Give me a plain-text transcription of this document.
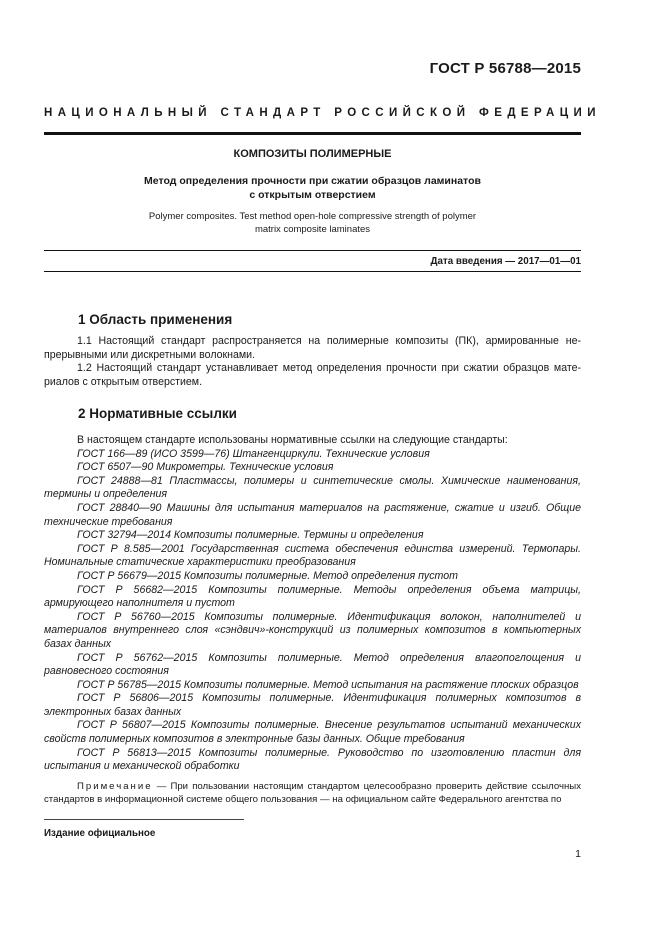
ГОСТ Р 56788—2015
НАЦИОНАЛЬНЫЙ СТАНДАРТ РОССИЙСКОЙ ФЕДЕРАЦИИ
КОМПОЗИТЫ ПОЛИМЕРНЫЕ
Метод определения прочности при сжатии образцов ламинатов
с открытым отверстием
Polymer composites. Test method open-hole compressive strength of polymer
matrix composite laminates
Дата введения — 2017—01—01
1 Область применения
1.1 Настоящий стандарт распространяется на полимерные композиты (ПК), армированные не-
прерывными или дискретными волокнами.
1.2 Настоящий стандарт устанавливает метод определения прочности при сжатии образцов мате-
риалов с открытым отверстием.
2 Нормативные ссылки

В настоящем стандарте использованы нормативные ссылки на следующие стандарты:

ГОСТ 166—89 (ИСО 3599—76) Штангенциркули. Технические условия

ГОСТ 6507—90 Микрометры. Технические условия

ГОСТ 24888—81 Пластмассы, полимеры и синтетические смолы. Химические наименования, термины и определения

ГОСТ 28840—90 Машины для испытания материалов на растяжение, сжатие и изгиб. Общие технические требования

ГОСТ 32794—2014 Композиты полимерные. Термины и определения

ГОСТ Р 8.585—2001 Государственная система обеспечения единства измерений. Термопары. Номинальные статические характеристики преобразования

ГОСТ Р 56679—2015 Композиты полимерные. Метод определения пустот

ГОСТ Р 56682—2015 Композиты полимерные. Методы определения объема матрицы, армирующего наполнителя и пустот

ГОСТ Р 56760—2015 Композиты полимерные. Идентификация волокон, наполнителей и материалов внутреннего слоя «сэндвич»-конструкций из полимерных композитов в компьютерных базах данных

ГОСТ Р 56762—2015 Композиты полимерные. Метод определения влагопоглощения и равновесного состояния

ГОСТ Р 56785—2015 Композиты полимерные. Метод испытания на растяжение плоских образцов

ГОСТ Р 56806—2015 Композиты полимерные. Идентификация полимерных композитов в электронных базах данных

ГОСТ Р 56807—2015 Композиты полимерные. Внесение результатов испытаний механических свойств полимерных композитов в электронные базы данных. Общие требования

ГОСТ Р 56813—2015 Композиты полимерные. Руководство по изготовлению пластин для испытания и механической обработки

Примечание — При пользовании настоящим стандартом целесообразно проверить действие ссылочных стандартов в информационной системе общего пользования — на официальном сайте Федерального агентства по
Издание официальное
1
